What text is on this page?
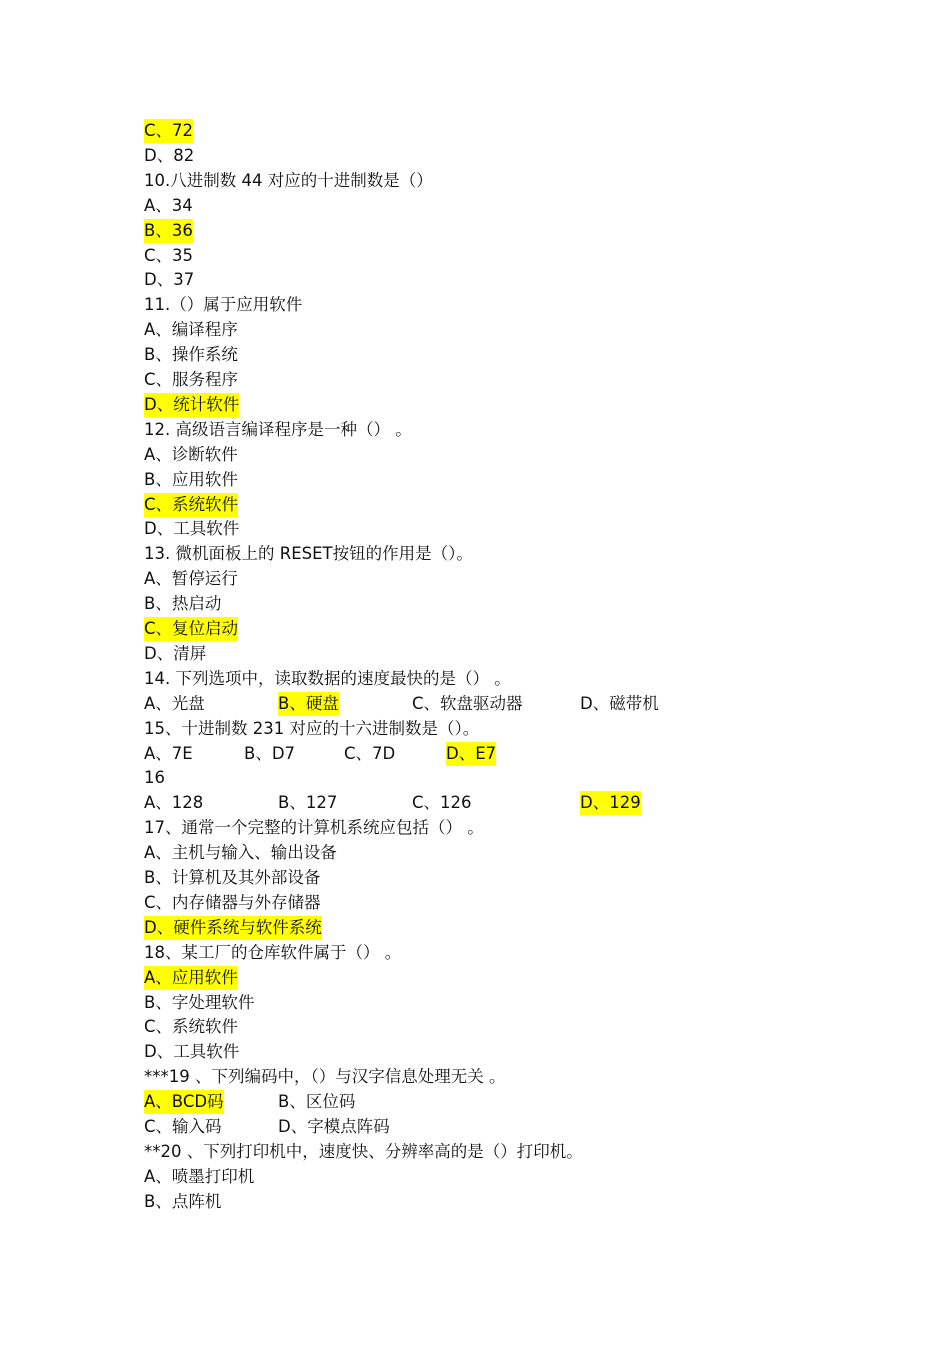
C、72
D、82
10.八进制数 44 对应的十进制数是（）
A、34
B、36
C、35
D、37
11.（）属于应用软件
A、编译程序
B、操作系统
C、服务程序
D、统计软件
12. 高级语言编译程序是一种（） 。
A、诊断软件
B、应用软件
C、系统软件
D、工具软件
13. 微机面板上的 RESET按钮的作用是（）。
A、暂停运行
B、热启动
C、复位启动
D、清屏
14. 下列选项中，读取数据的速度最快的是（） 。
A、光盘	B、硬盘	C、软盘驱动器	D、磁带机
15、十进制数 231 对应的十六进制数是（）。
A、7E	B、D7	C、7D	D、E7
16
A、128	B、127	C、126	D、129
17、通常一个完整的计算机系统应包括（） 。
A、主机与输入、输出设备
B、计算机及其外部设备
C、内存储器与外存储器
D、硬件系统与软件系统
18、某工厂的仓库软件属于（） 。
A、应用软件
B、字处理软件
C、系统软件
D、工具软件
***19 、下列编码中，（）与汉字信息处理无关 。
A、BCD码	B、区位码
C、输入码	D、字模点阵码
**20 、下列打印机中，速度快、分辨率高的是（）打印机。
A、喷墨打印机
B、点阵机
